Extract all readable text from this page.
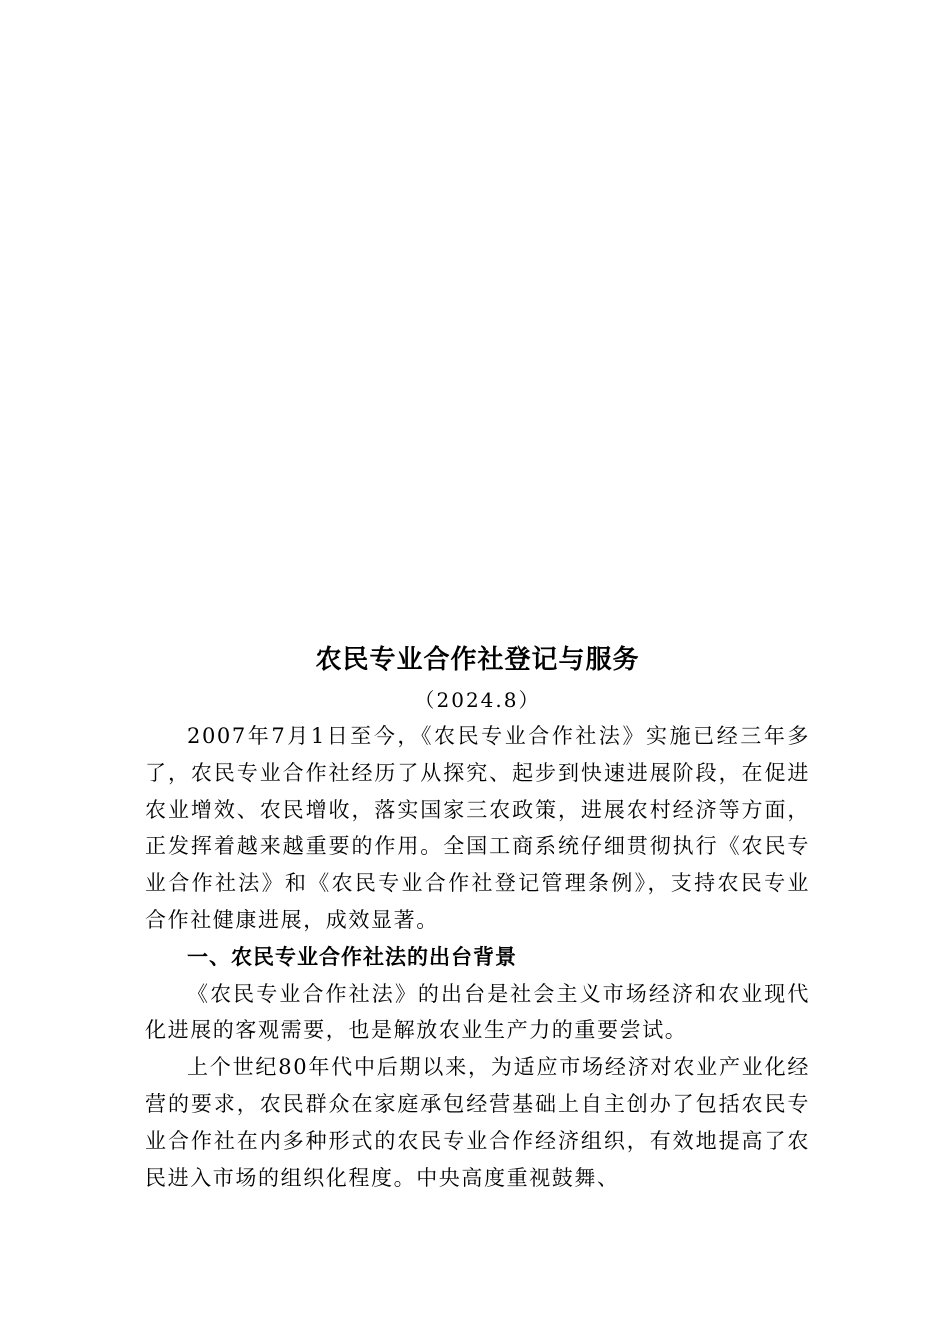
农民专业合作社登记与服务

（2024.8）

2007年7月1日至今，《农民专业合作社法》实施已经三年多了，农民专业合作社经历了从探究、起步到快速进展阶段，在促进农业增效、农民增收，落实国家三农政策，进展农村经济等方面，正发挥着越来越重要的作用。全国工商系统仔细贯彻执行《农民专业合作社法》和《农民专业合作社登记管理条例》，支持农民专业合作社健康进展，成效显著。

一、农民专业合作社法的出台背景

《农民专业合作社法》的出台是社会主义市场经济和农业现代化进展的客观需要，也是解放农业生产力的重要尝试。

上个世纪80年代中后期以来，为适应市场经济对农业产业化经营的要求，农民群众在家庭承包经营基础上自主创办了包括农民专业合作社在内多种形式的农民专业合作经济组织，有效地提高了农民进入市场的组织化程度。中央高度重视鼓舞、
